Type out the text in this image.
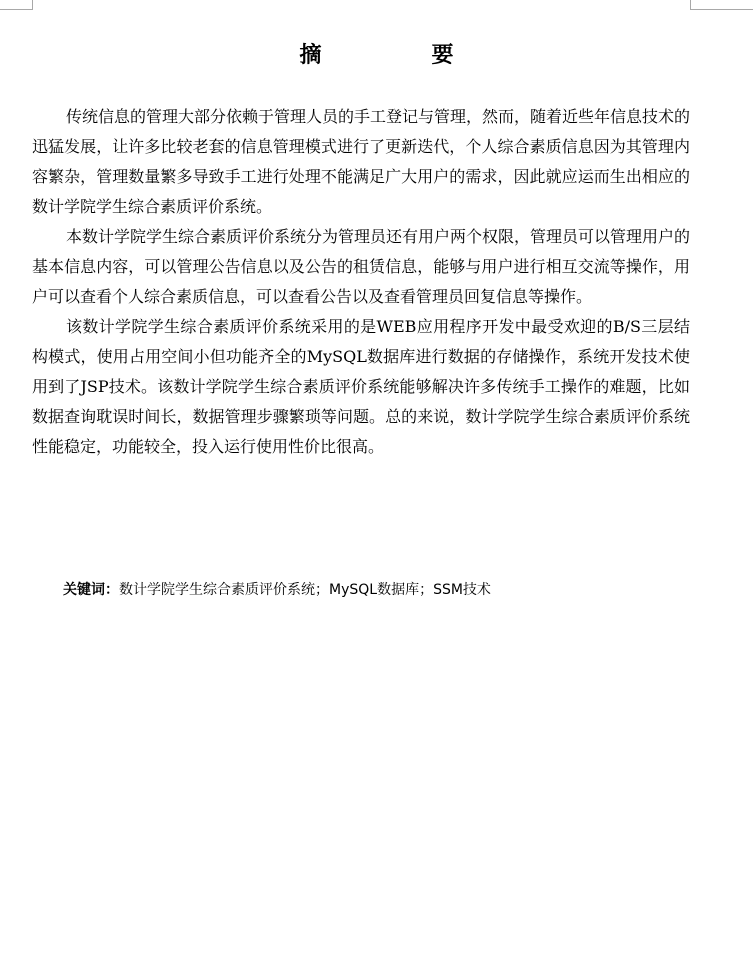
摘　要

传统信息的管理大部分依赖于管理人员的手工登记与管理，然而，随着近些年信息技术的迅猛发展，让许多比较老套的信息管理模式进行了更新迭代，个人综合素质信息因为其管理内容繁杂，管理数量繁多导致手工进行处理不能满足广大用户的需求，因此就应运而生出相应的数计学院学生综合素质评价系统。

本数计学院学生综合素质评价系统分为管理员还有用户两个权限，管理员可以管理用户的基本信息内容，可以管理公告信息以及公告的租赁信息，能够与用户进行相互交流等操作，用户可以查看个人综合素质信息，可以查看公告以及查看管理员回复信息等操作。

该数计学院学生综合素质评价系统采用的是WEB应用程序开发中最受欢迎的B/S三层结构模式，使用占用空间小但功能齐全的MySQL数据库进行数据的存储操作，系统开发技术使用到了JSP技术。该数计学院学生综合素质评价系统能够解决许多传统手工操作的难题，比如数据查询耽误时间长，数据管理步骤繁琐等问题。总的来说，数计学院学生综合素质评价系统性能稳定，功能较全，投入运行使用性价比很高。

关键词：数计学院学生综合素质评价系统；MySQL数据库；SSM技术
